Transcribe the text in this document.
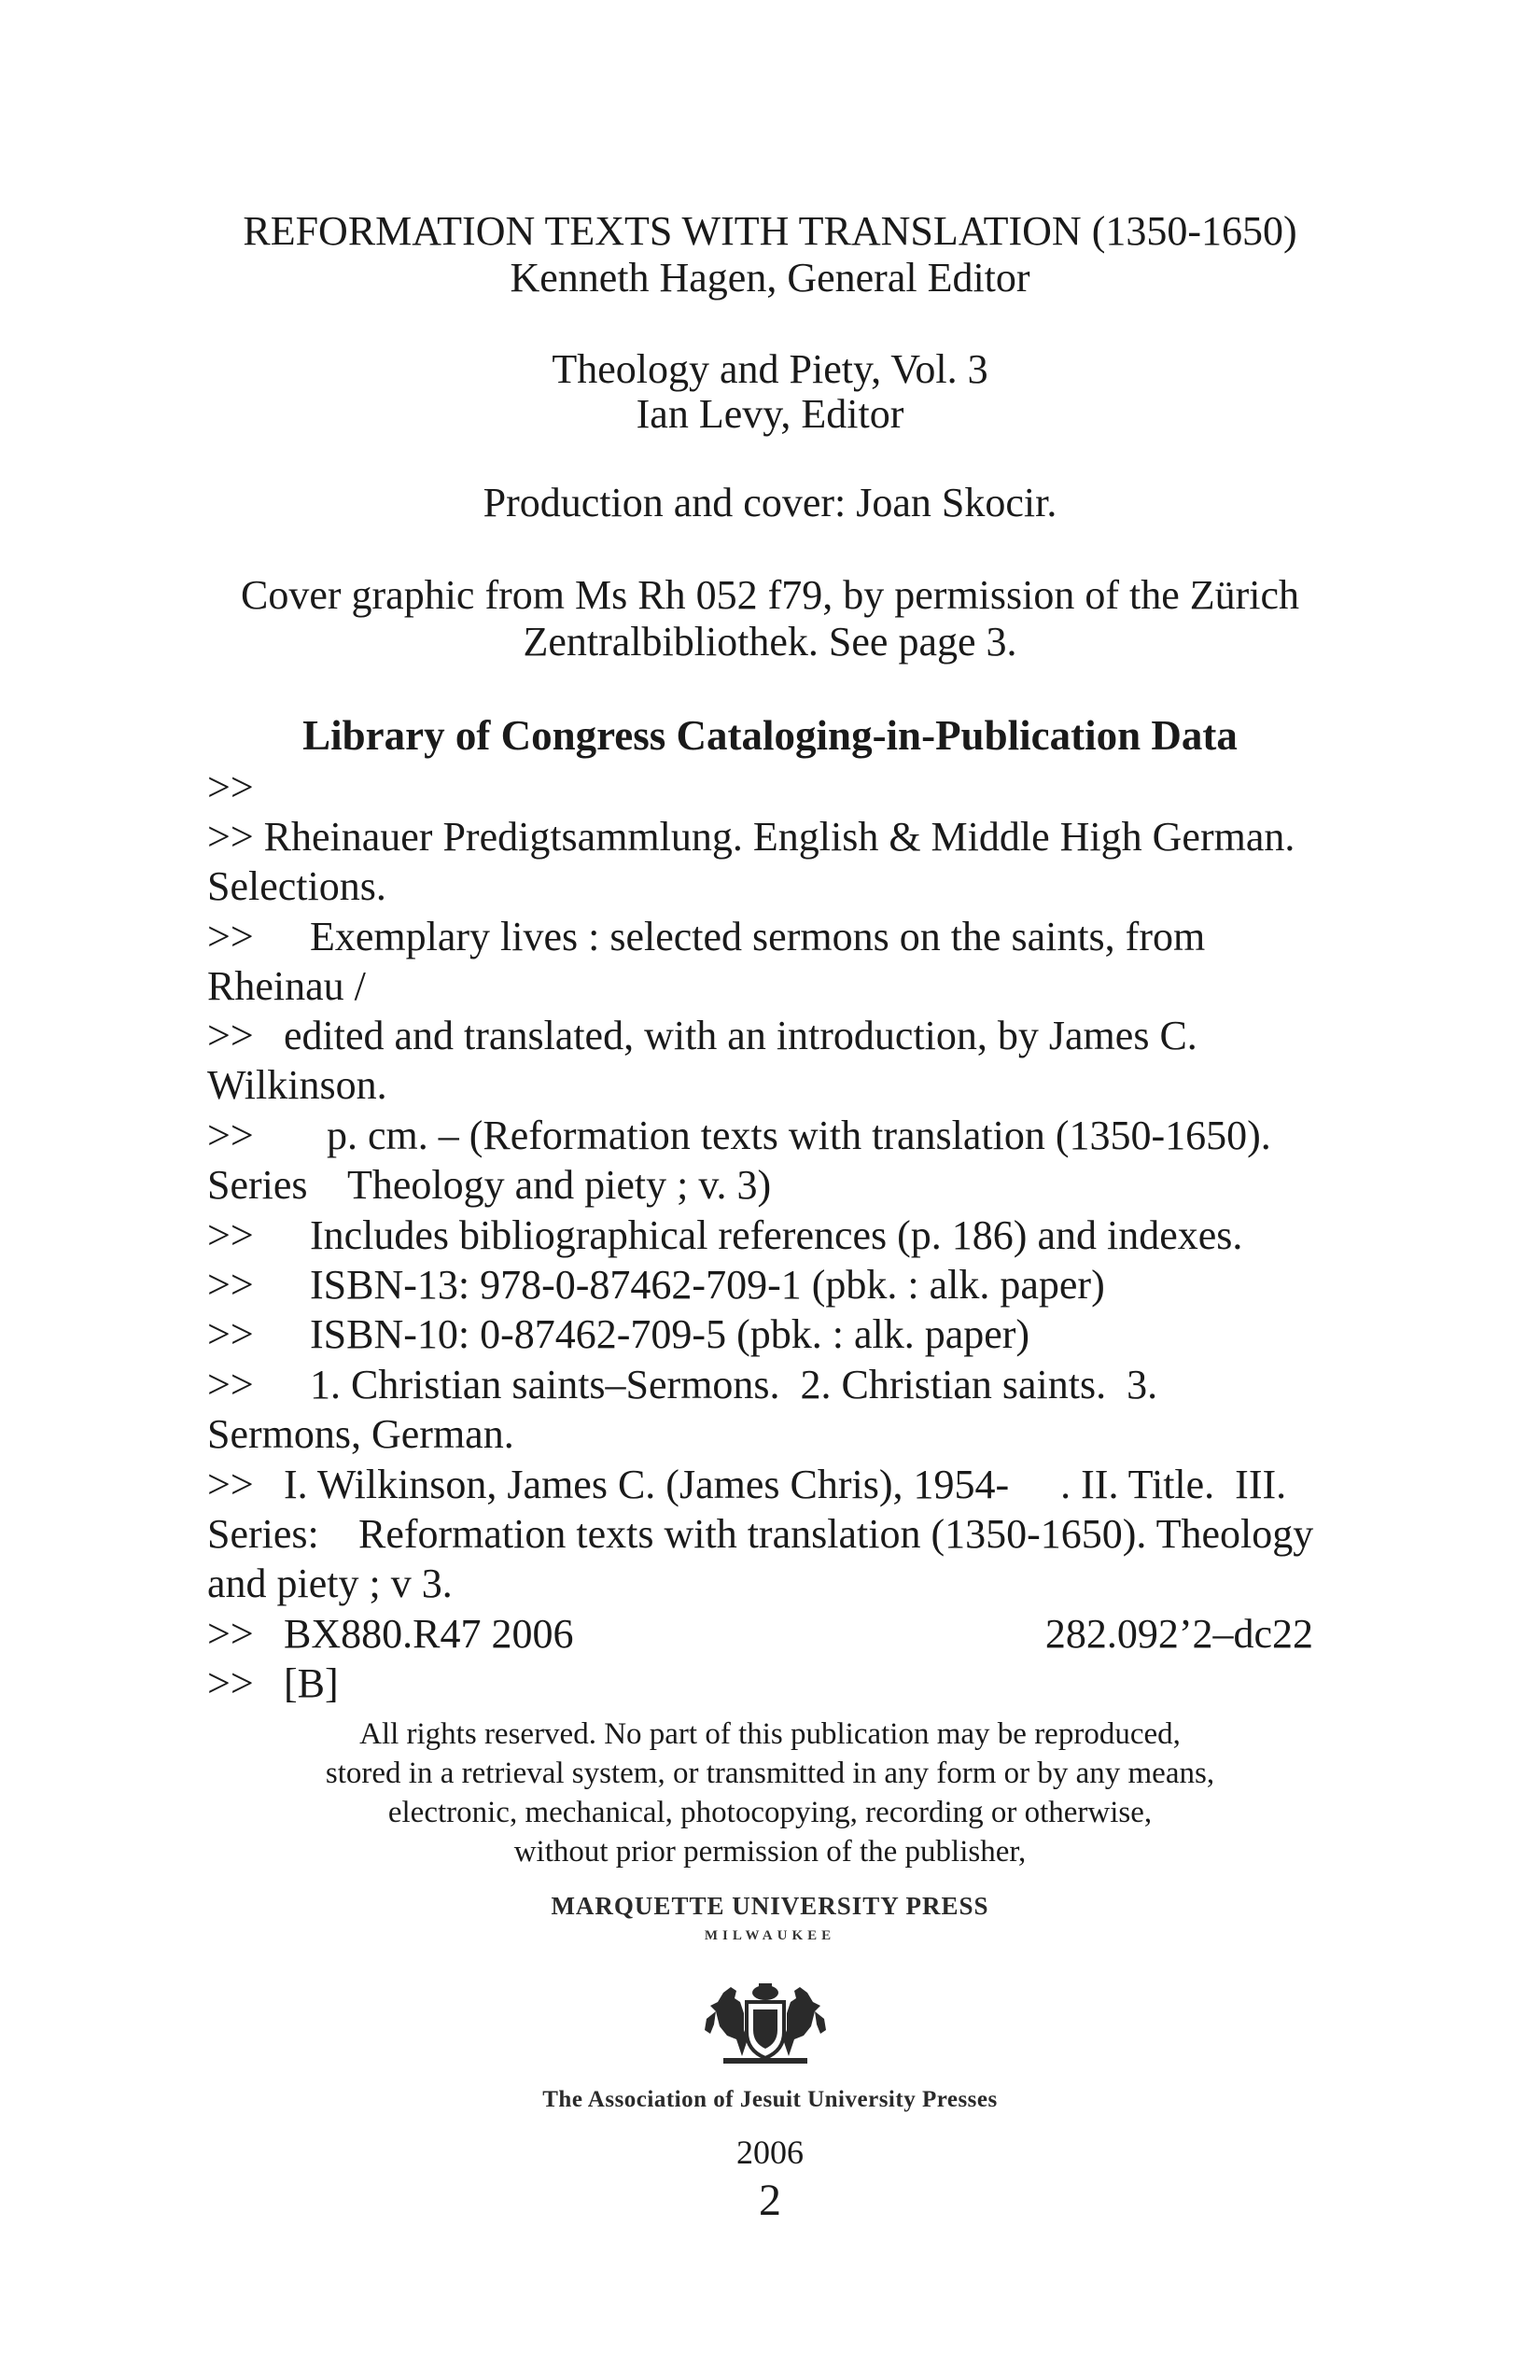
REFORMATION TEXTS WITH TRANSLATION (1350-1650)
Kenneth Hagen, General Editor
Theology and Piety, Vol. 3
Ian Levy, Editor
Production and cover: Joan Skocir.
Cover graphic from Ms Rh 052 f79, by permission of the Zürich
Zentralbibliothek. See page 3.
Library of Congress Cataloging-in-Publication Data
>>
>> Rheinauer Predigtsammlung. English & Middle High German.
Selections.
>> Exemplary lives : selected sermons on the saints, from
Rheinau /
>> edited and translated, with an introduction, by James C.
Wilkinson.
>> p. cm. – (Reformation texts with translation (1350-1650).
Series Theology and piety ; v. 3)
>> Includes bibliographical references (p. 186) and indexes.
>> ISBN-13: 978-0-87462-709-1 (pbk. : alk. paper)
>> ISBN-10: 0-87462-709-5 (pbk. : alk. paper)
>> 1. Christian saints–Sermons.  2. Christian saints.  3.
Sermons, German.
>> I. Wilkinson, James C. (James Chris), 1954-     . II. Title.  III.
Series: Reformation texts with translation (1350-1650). Theology
and piety ; v 3.
>> BX880.R47 2006	282.092’2–dc22
>> [B]
All rights reserved. No part of this publication may be reproduced,
stored in a retrieval system, or transmitted in any form or by any means,
electronic, mechanical, photocopying, recording or otherwise,
without prior permission of the publisher,
MARQUETTE UNIVERSITY PRESS
MILWAUKEE
The Association of Jesuit University Presses
2006
2
